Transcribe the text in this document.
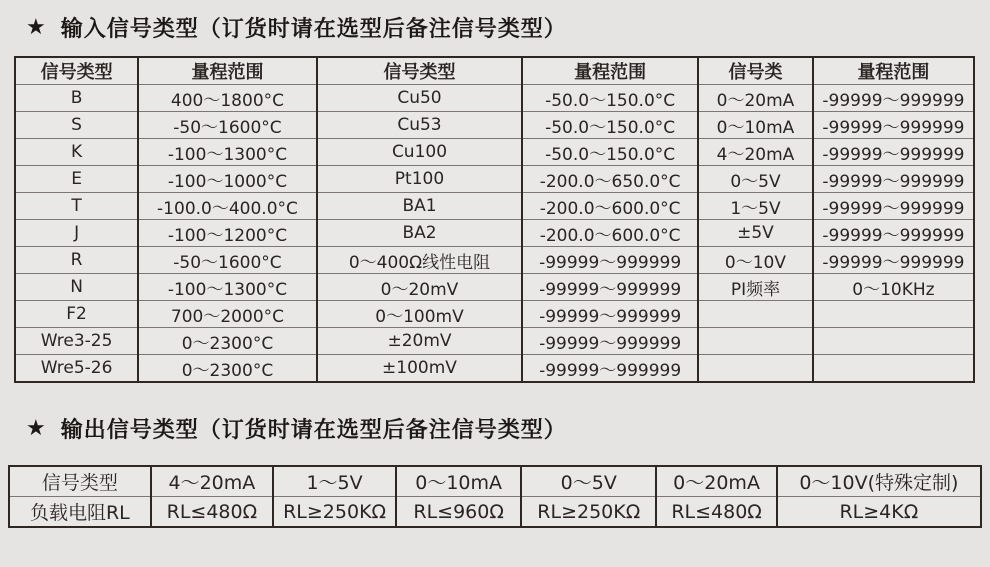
★ 输入信号类型（订货时请在选型后备注信号类型）
信号类型	量程范围	信号类型	量程范围	信号类	量程范围
B	400～1800°C	Cu50	-50.0～150.0°C	0～20mA	-99999～999999
S	-50～1600°C	Cu53	-50.0～150.0°C	0～10mA	-99999～999999
K	-100～1300°C	Cu100	-50.0～150.0°C	4～20mA	-99999～999999
E	-100～1000°C	Pt100	-200.0～650.0°C	0～5V	-99999～999999
T	-100.0～400.0°C	BA1	-200.0～600.0°C	1～5V	-99999～999999
J	-100～1200°C	BA2	-200.0～600.0°C	±5V	-99999～999999
R	-50～1600°C	0～400Ω线性电阻	-99999～999999	0～10V	-99999～999999
N	-100～1300°C	0～20mV	-99999～999999	PI频率	0～10KHz
F2	700～2000°C	0～100mV	-99999～999999		
Wre3-25	0～2300°C	±20mV	-99999～999999		
Wre5-26	0～2300°C	±100mV	-99999～999999		
★ 输出信号类型（订货时请在选型后备注信号类型）
信号类型	4～20mA	1～5V	0～10mA	0～5V	0～20mA	0～10V(特殊定制)
负载电阻RL	RL≤480Ω	RL≥250KΩ	RL≤960Ω	RL≥250KΩ	RL≤480Ω	RL≥4KΩ
